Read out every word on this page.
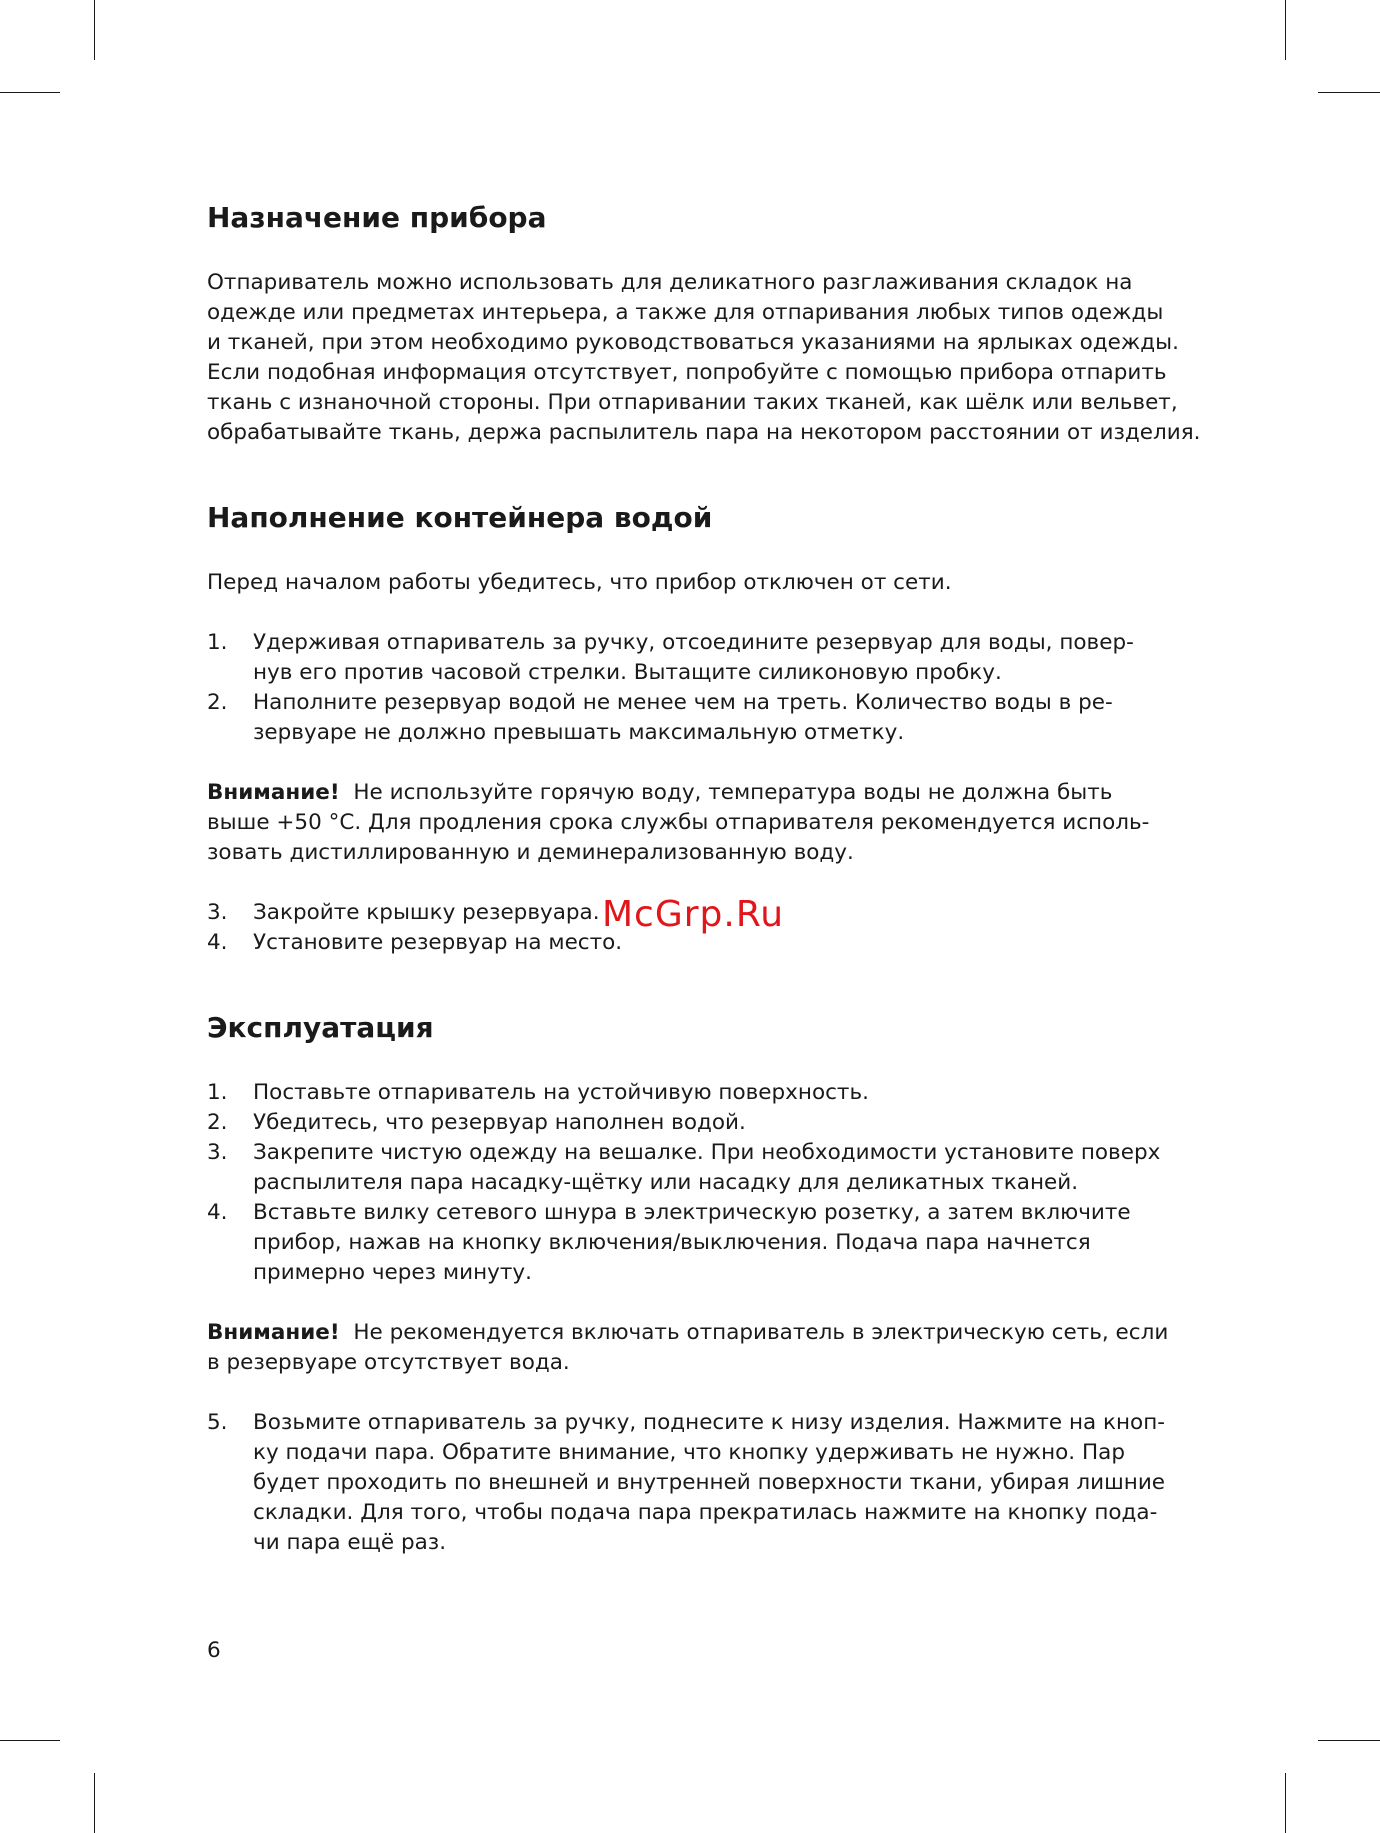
Назначение прибора

Отпариватель можно использовать для деликатного разглаживания складок на
одежде или предметах интерьера, а также для отпаривания любых типов одежды
и тканей, при этом необходимо руководствоваться указаниями на ярлыках одежды.
Если подобная информация отсутствует, попробуйте с помощью прибора отпарить
ткань с изнаночной стороны. При отпаривании таких тканей, как шёлк или вельвет,
обрабатывайте ткань, держа распылитель пара на некотором расстоянии от изделия.

Наполнение контейнера водой

Перед началом работы убедитесь, что прибор отключен от сети.

1. Удерживая отпариватель за ручку, отсоедините резервуар для воды, повер-
нув его против часовой стрелки. Вытащите силиконовую пробку.
2. Наполните резервуар водой не менее чем на треть. Количество воды в ре-
зервуаре не должно превышать максимальную отметку.

Внимание! Не используйте горячую воду, температура воды не должна быть
выше +50 °С. Для продления срока службы отпаривателя рекомендуется исполь-
зовать дистиллированную и деминерализованную воду.

3. Закройте крышку резервуара.
4. Установите резервуар на место.
Эксплуатация
1. Поставьте отпариватель на устойчивую поверхность.
2. Убедитесь, что резервуар наполнен водой.
3. Закрепите чистую одежду на вешалке. При необходимости установите поверх
распылителя пара насадку-щётку или насадку для деликатных тканей.
4. Вставьте вилку сетевого шнура в электрическую розетку, а затем включите
прибор, нажав на кнопку включения/выключения. Подача пара начнется
примерно через минуту.

Внимание! Не рекомендуется включать отпариватель в электрическую сеть, если
в резервуаре отсутствует вода.

5. Возьмите отпариватель за ручку, поднесите к низу изделия. Нажмите на кноп-
ку подачи пара. Обратите внимание, что кнопку удерживать не нужно. Пар
будет проходить по внешней и внутренней поверхности ткани, убирая лишние
складки. Для того, чтобы подача пара прекратилась нажмите на кнопку пода-
чи пара ещё раз.
McGrp.Ru
6
